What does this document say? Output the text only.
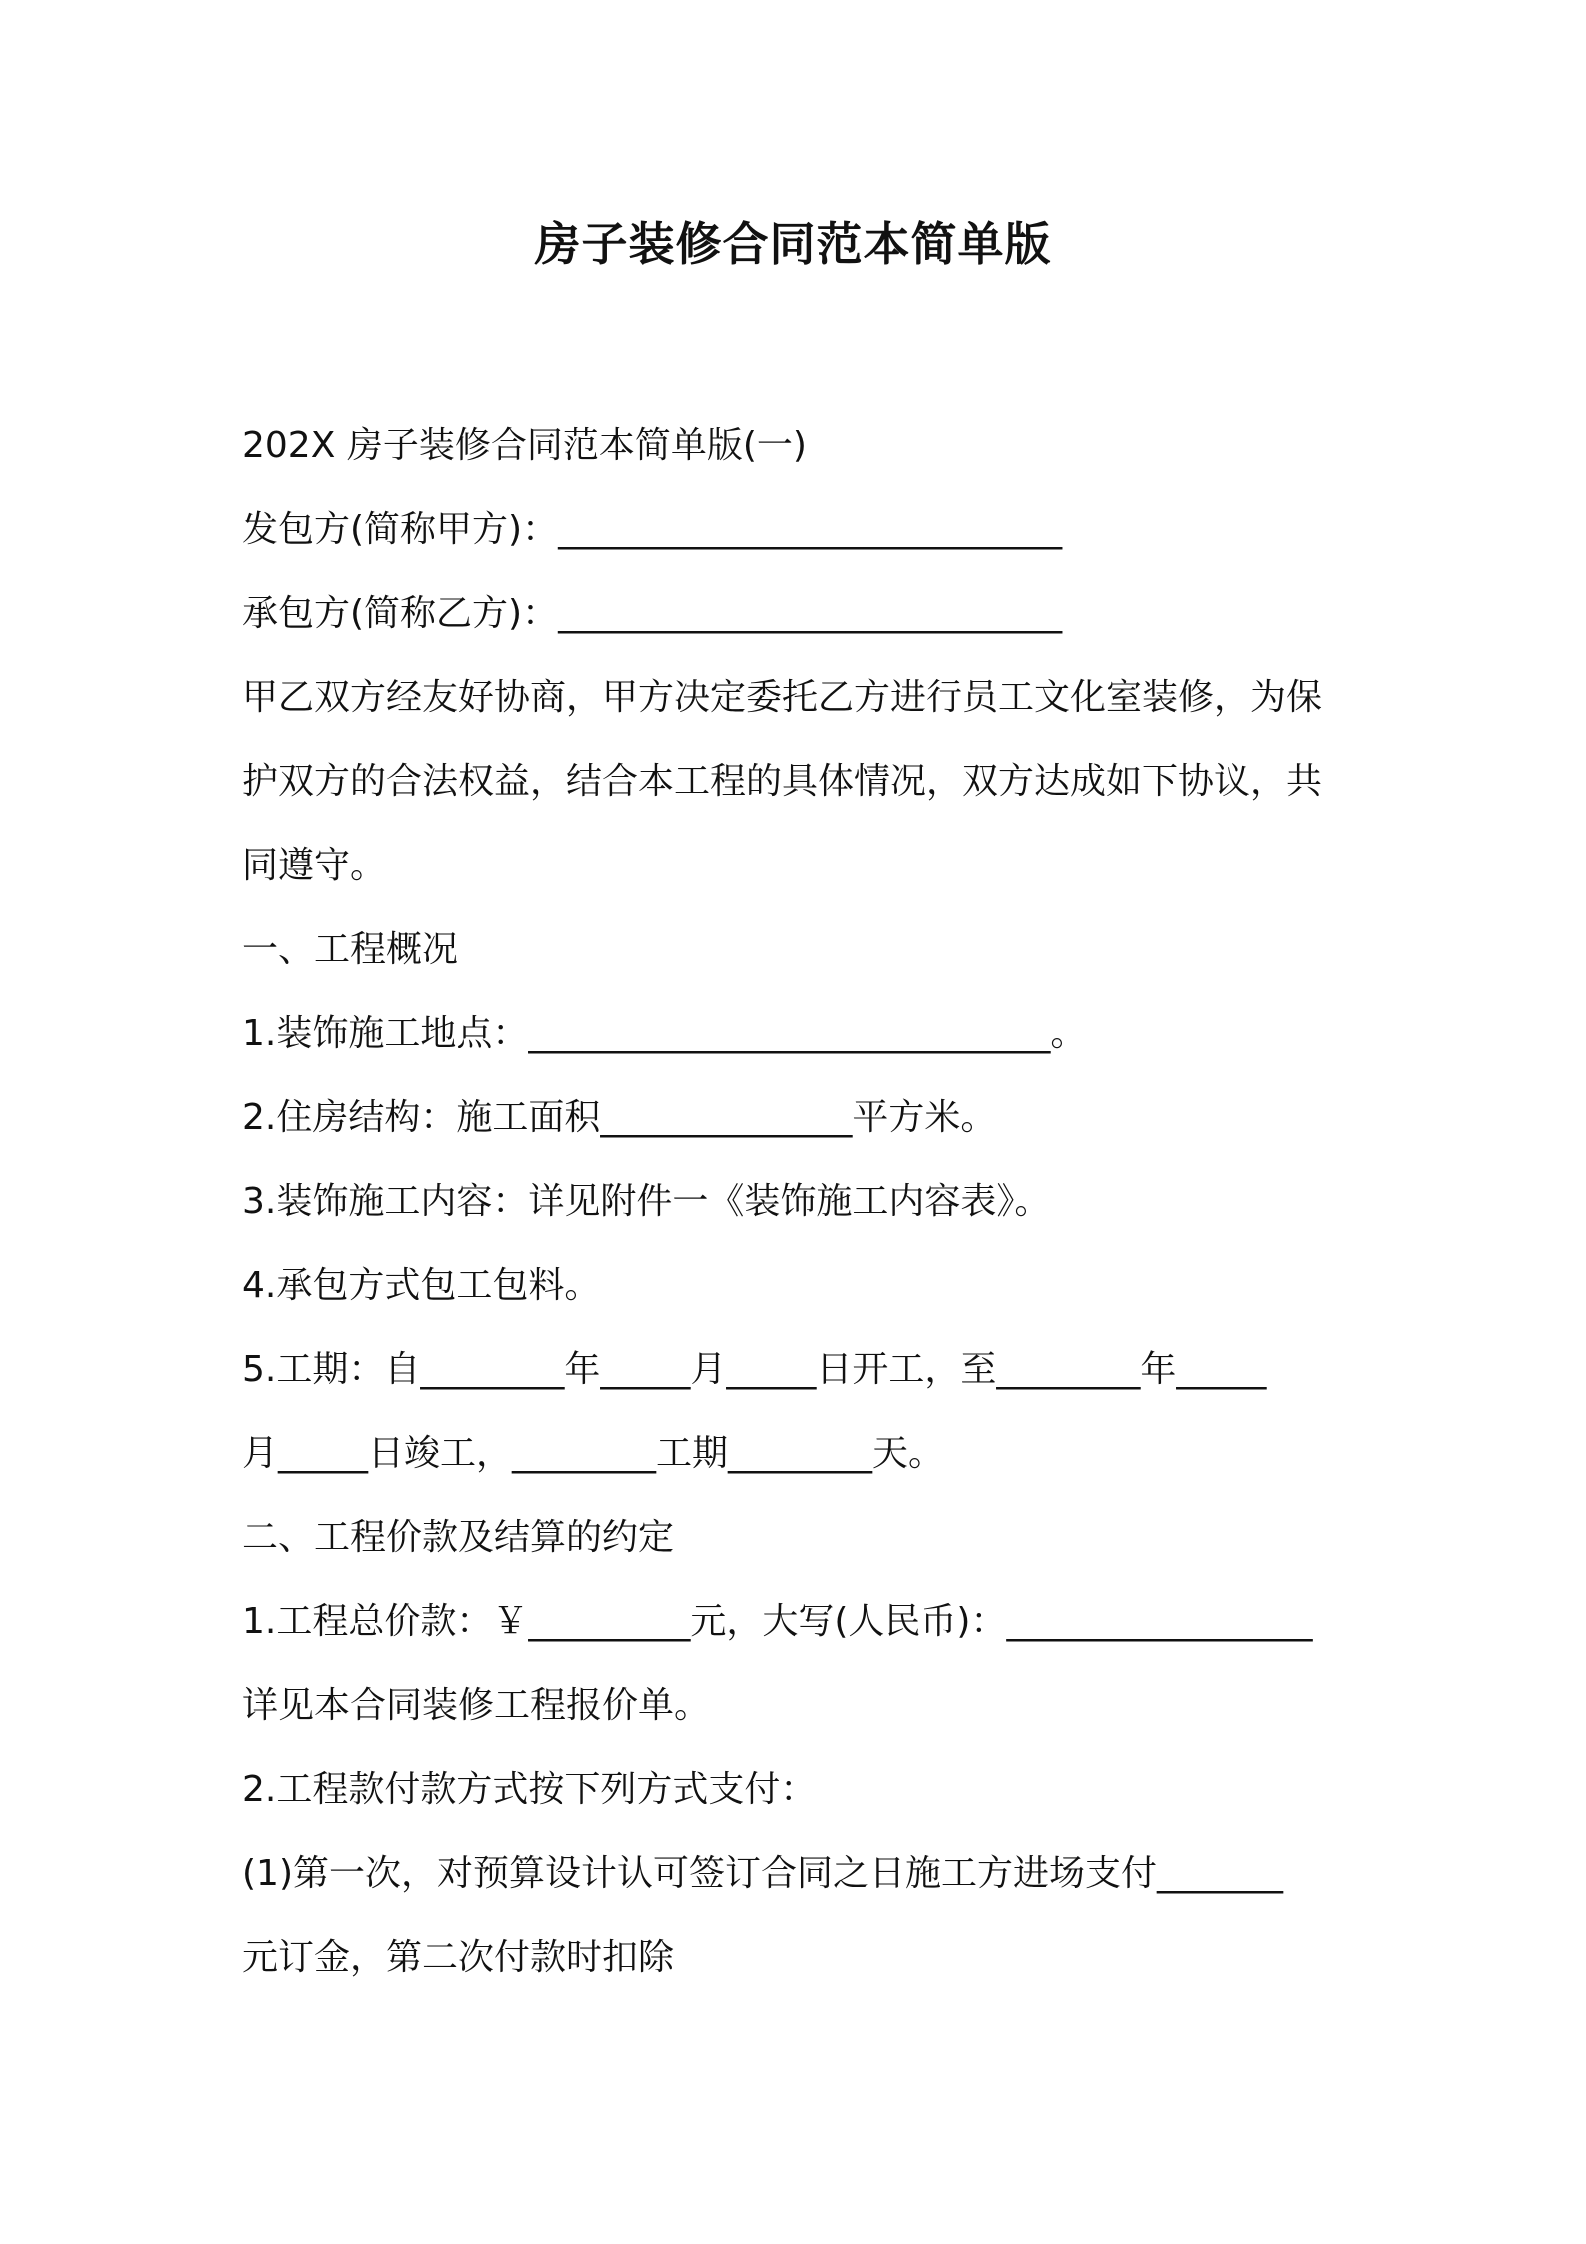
房子装修合同范本简单版
202X 房子装修合同范本简单版(一)
发包方(简称甲方)：____________________________
承包方(简称乙方)：____________________________
甲乙双方经友好协商，甲方决定委托乙方进行员工文化室装修，为保
护双方的合法权益，结合本工程的具体情况，双方达成如下协议，共
同遵守。
一、工程概况
1.装饰施工地点：_____________________________。
2.住房结构：施工面积______________平方米。
3.装饰施工内容：详见附件一《装饰施工内容表》。
4.承包方式包工包料。
5.工期：自________年_____月_____日开工，至________年_____
月_____日竣工，________工期________天。
二、工程价款及结算的约定
1.工程总价款：￥_________元，大写(人民币)：_________________
详见本合同装修工程报价单。
2.工程款付款方式按下列方式支付：
(1)第一次，对预算设计认可签订合同之日施工方进场支付_______
元订金，第二次付款时扣除
